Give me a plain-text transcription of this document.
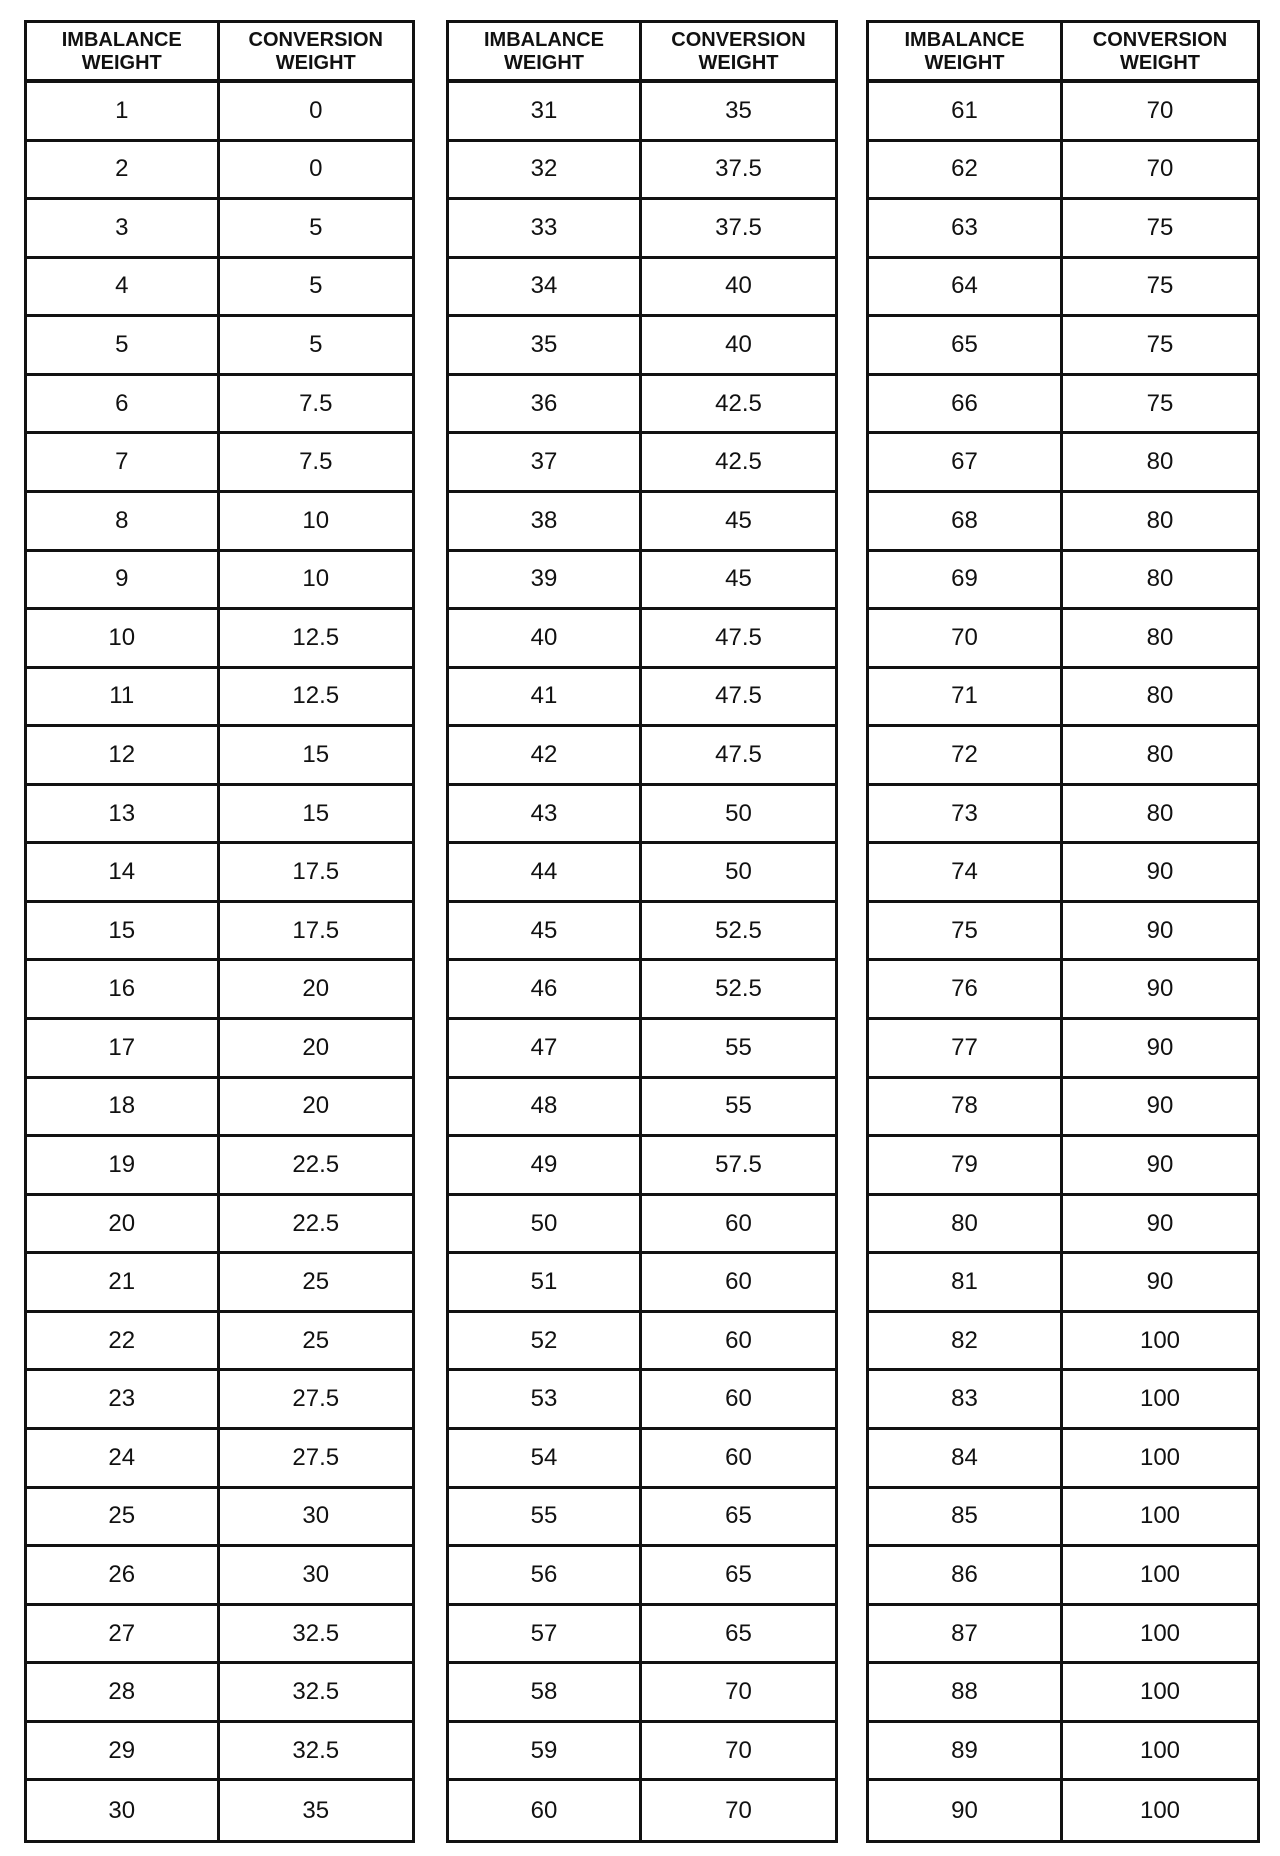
IMBALANCE
WEIGHT
CONVERSION
WEIGHT
1	0
2	0
3	5
4	5
5	5
6	7.5
7	7.5
8	10
9	10
10	12.5
11	12.5
12	15
13	15
14	17.5
15	17.5
16	20
17	20
18	20
19	22.5
20	22.5
21	25
22	25
23	27.5
24	27.5
25	30
26	30
27	32.5
28	32.5
29	32.5
30	35
IMBALANCE
WEIGHT
CONVERSION
WEIGHT
31	35
32	37.5
33	37.5
34	40
35	40
36	42.5
37	42.5
38	45
39	45
40	47.5
41	47.5
42	47.5
43	50
44	50
45	52.5
46	52.5
47	55
48	55
49	57.5
50	60
51	60
52	60
53	60
54	60
55	65
56	65
57	65
58	70
59	70
60	70
IMBALANCE
WEIGHT
CONVERSION
WEIGHT
61	70
62	70
63	75
64	75
65	75
66	75
67	80
68	80
69	80
70	80
71	80
72	80
73	80
74	90
75	90
76	90
77	90
78	90
79	90
80	90
81	90
82	100
83	100
84	100
85	100
86	100
87	100
88	100
89	100
90	100
